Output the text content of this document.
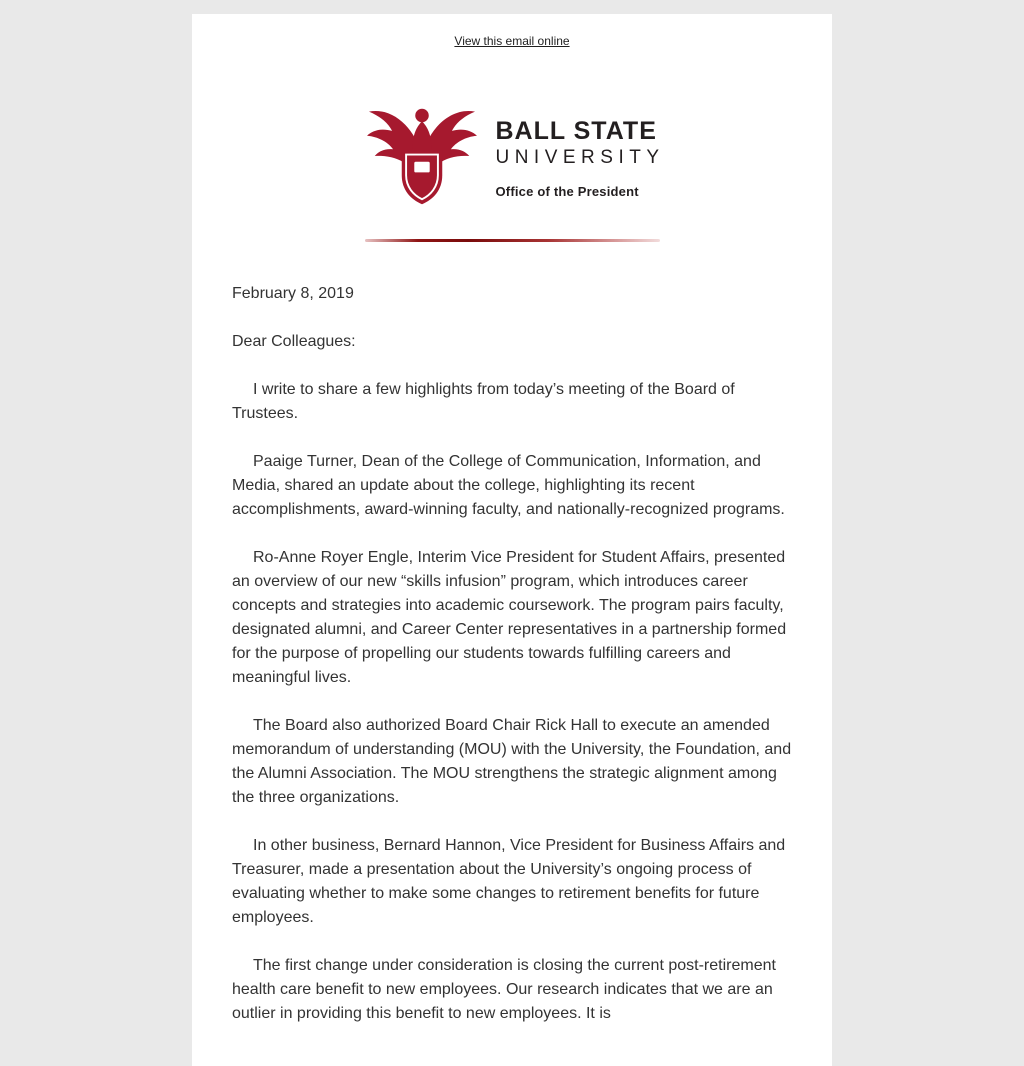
View this email online
BALL STATE
UNIVERSITY
Office of the President

February 8, 2019

Dear Colleagues:

I write to share a few highlights from today’s meeting of the Board of Trustees.

Paaige Turner, Dean of the College of Communication, Information, and Media, shared an update about the college, highlighting its recent accomplishments, award-winning faculty, and nationally-recognized programs.

Ro-Anne Royer Engle, Interim Vice President for Student Affairs, presented an overview of our new “skills infusion” program, which introduces career concepts and strategies into academic coursework. The program pairs faculty, designated alumni, and Career Center representatives in a partnership formed for the purpose of propelling our students towards fulfilling careers and meaningful lives.

The Board also authorized Board Chair Rick Hall to execute an amended memorandum of understanding (MOU) with the University, the Foundation, and the Alumni Association. The MOU strengthens the strategic alignment among the three organizations.

In other business, Bernard Hannon, Vice President for Business Affairs and Treasurer, made a presentation about the University’s ongoing process of evaluating whether to make some changes to retirement benefits for future employees.

The first change under consideration is closing the current post-retirement health care benefit to new employees. Our research indicates that we are an outlier in providing this benefit to new employees. It is
